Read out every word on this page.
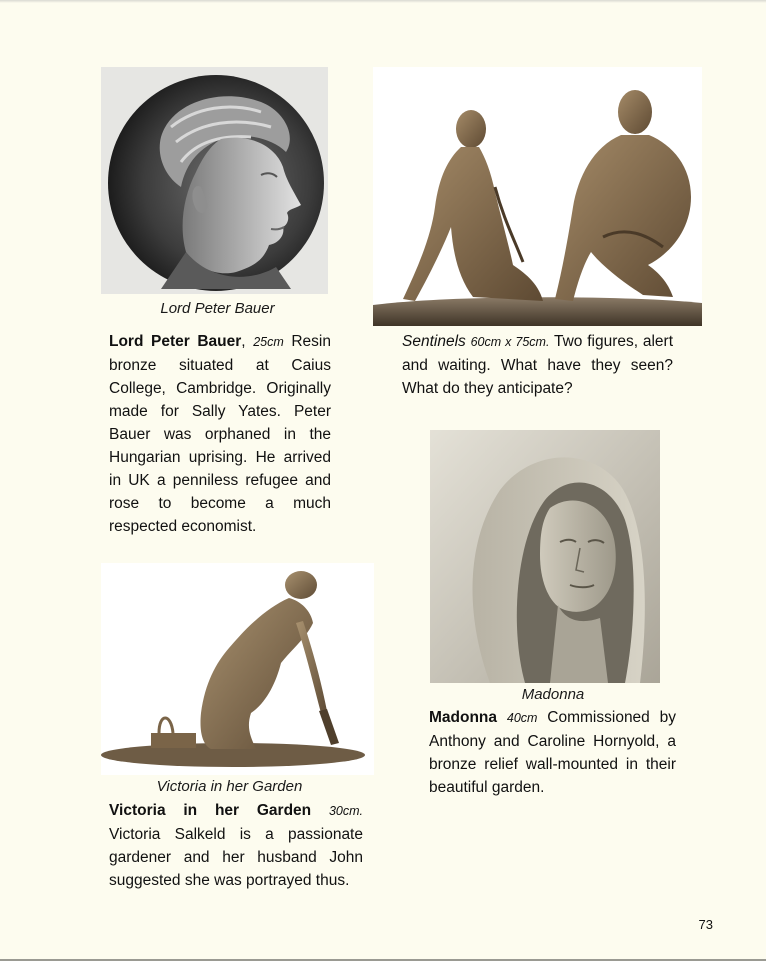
Lord Peter Bauer
Lord Peter Bauer, 25cm Resin bronze situated at Caius College, Cambridge. Originally made for Sally Yates. Peter Bauer was orphaned in the Hungarian uprising. He arrived in UK a penniless refugee and rose to become a much respected economist.
Sentinels 60cm x 75cm. Two figures, alert and waiting. What have they seen? What do they anticipate?
Madonna
Madonna 40cm Commissioned by Anthony and Caroline Hornyold, a bronze relief wall-mounted in their beautiful garden.
Victoria in her Garden
Victoria in her Garden 30cm. Victoria Salkeld is a passionate gardener and her husband John suggested she was portrayed thus.
73
